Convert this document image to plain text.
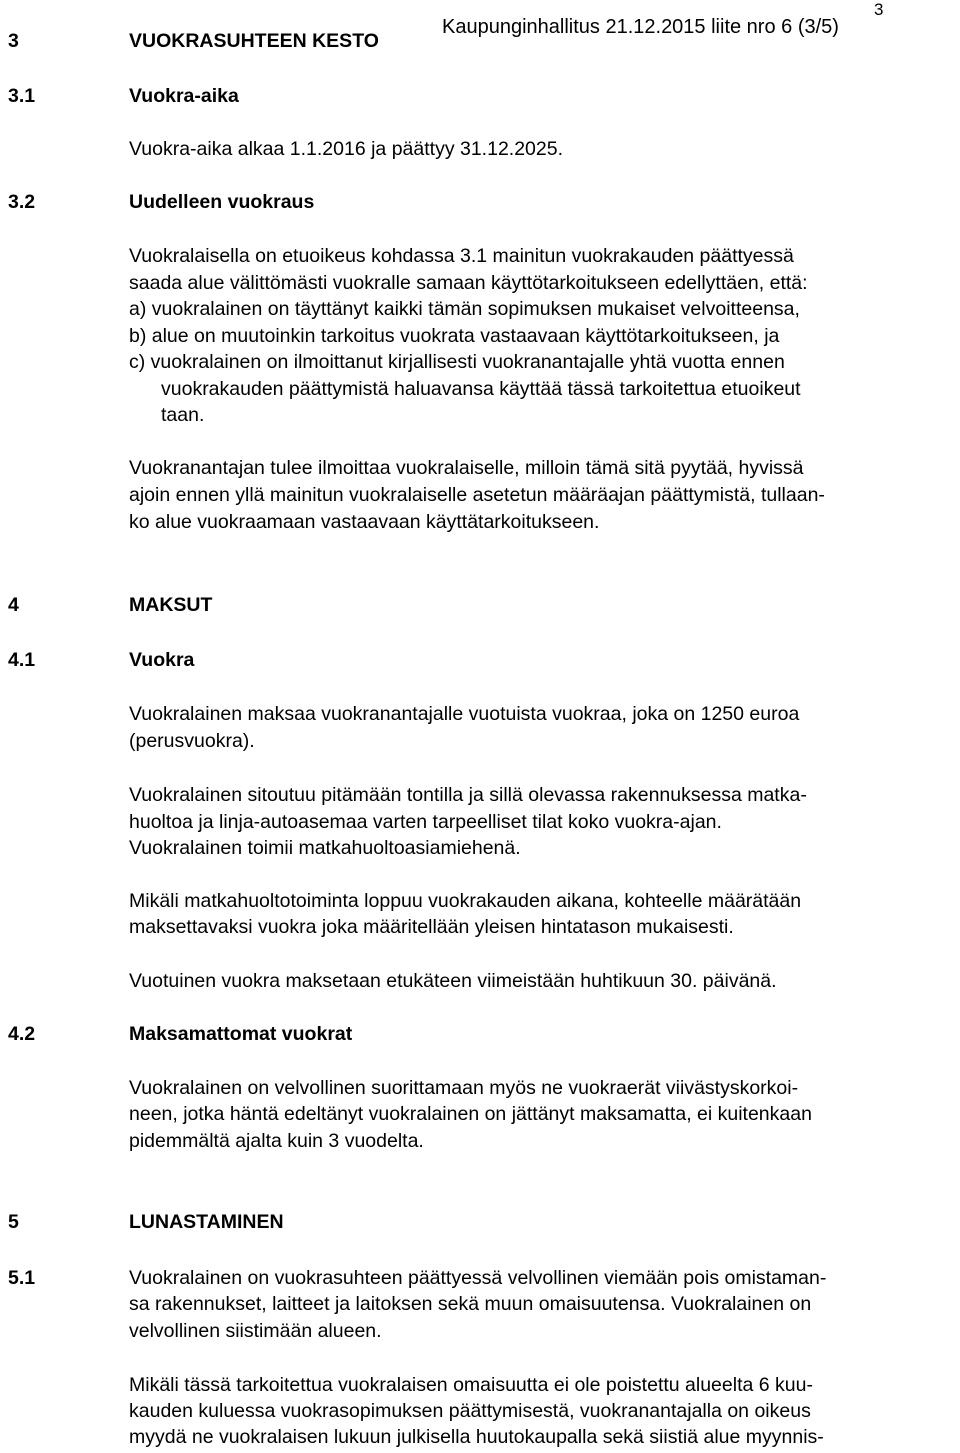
3
Kaupunginhallitus 21.12.2015 liite nro 6 (3/5)
3	VUOKRASUHTEEN KESTO
3.1	Vuokra-aika
Vuokra-aika alkaa 1.1.2016 ja päättyy 31.12.2025.
3.2	Uudelleen vuokraus
Vuokralaisella on etuoikeus kohdassa 3.1 mainitun vuokrakauden päättyessä
saada alue välittömästi vuokralle samaan käyttötarkoitukseen edellyttäen, että:
a) vuokralainen on täyttänyt kaikki tämän sopimuksen mukaiset velvoitteensa,
b) alue on muutoinkin tarkoitus vuokrata vastaavaan käyttötarkoitukseen, ja
c) vuokralainen on ilmoittanut kirjallisesti vuokranantajalle yhtä vuotta ennen
vuokrakauden päättymistä haluavansa käyttää tässä tarkoitettua etuoikeut
taan.
Vuokranantajan tulee ilmoittaa vuokralaiselle, milloin tämä sitä pyytää, hyvissä
ajoin ennen yllä mainitun vuokralaiselle asetetun määräajan päättymistä, tullaan-
ko alue vuokraamaan vastaavaan käyttätarkoitukseen.
4	MAKSUT
4.1	Vuokra
Vuokralainen maksaa vuokranantajalle vuotuista vuokraa, joka on 1250 euroa
(perusvuokra).
Vuokralainen sitoutuu pitämään tontilla ja sillä olevassa rakennuksessa matka-
huoltoa ja linja-autoasemaa varten tarpeelliset tilat koko vuokra-ajan.
Vuokralainen toimii matkahuoltoasiamiehenä.
Mikäli matkahuoltotoiminta loppuu vuokrakauden aikana, kohteelle määrätään
maksettavaksi vuokra joka määritellään yleisen hintatason mukaisesti.
Vuotuinen vuokra maksetaan etukäteen viimeistään huhtikuun 30. päivänä.
4.2	Maksamattomat vuokrat
Vuokralainen on velvollinen suorittamaan myös ne vuokraerät viivästyskorkoi-
neen, jotka häntä edeltänyt vuokralainen on jättänyt maksamatta, ei kuitenkaan
pidemmältä ajalta kuin 3 vuodelta.
5	LUNASTAMINEN
5.1	Vuokralainen on vuokrasuhteen päättyessä velvollinen viemään pois omistaman-
sa rakennukset, laitteet ja laitoksen sekä muun omaisuutensa. Vuokralainen on
velvollinen siistimään alueen.
Mikäli tässä tarkoitettua vuokralaisen omaisuutta ei ole poistettu alueelta 6 kuu-
kauden kuluessa vuokrasopimuksen päättymisestä, vuokranantajalla on oikeus
myydä ne vuokralaisen lukuun julkisella huutokaupalla sekä siistiä alue myynnis-
